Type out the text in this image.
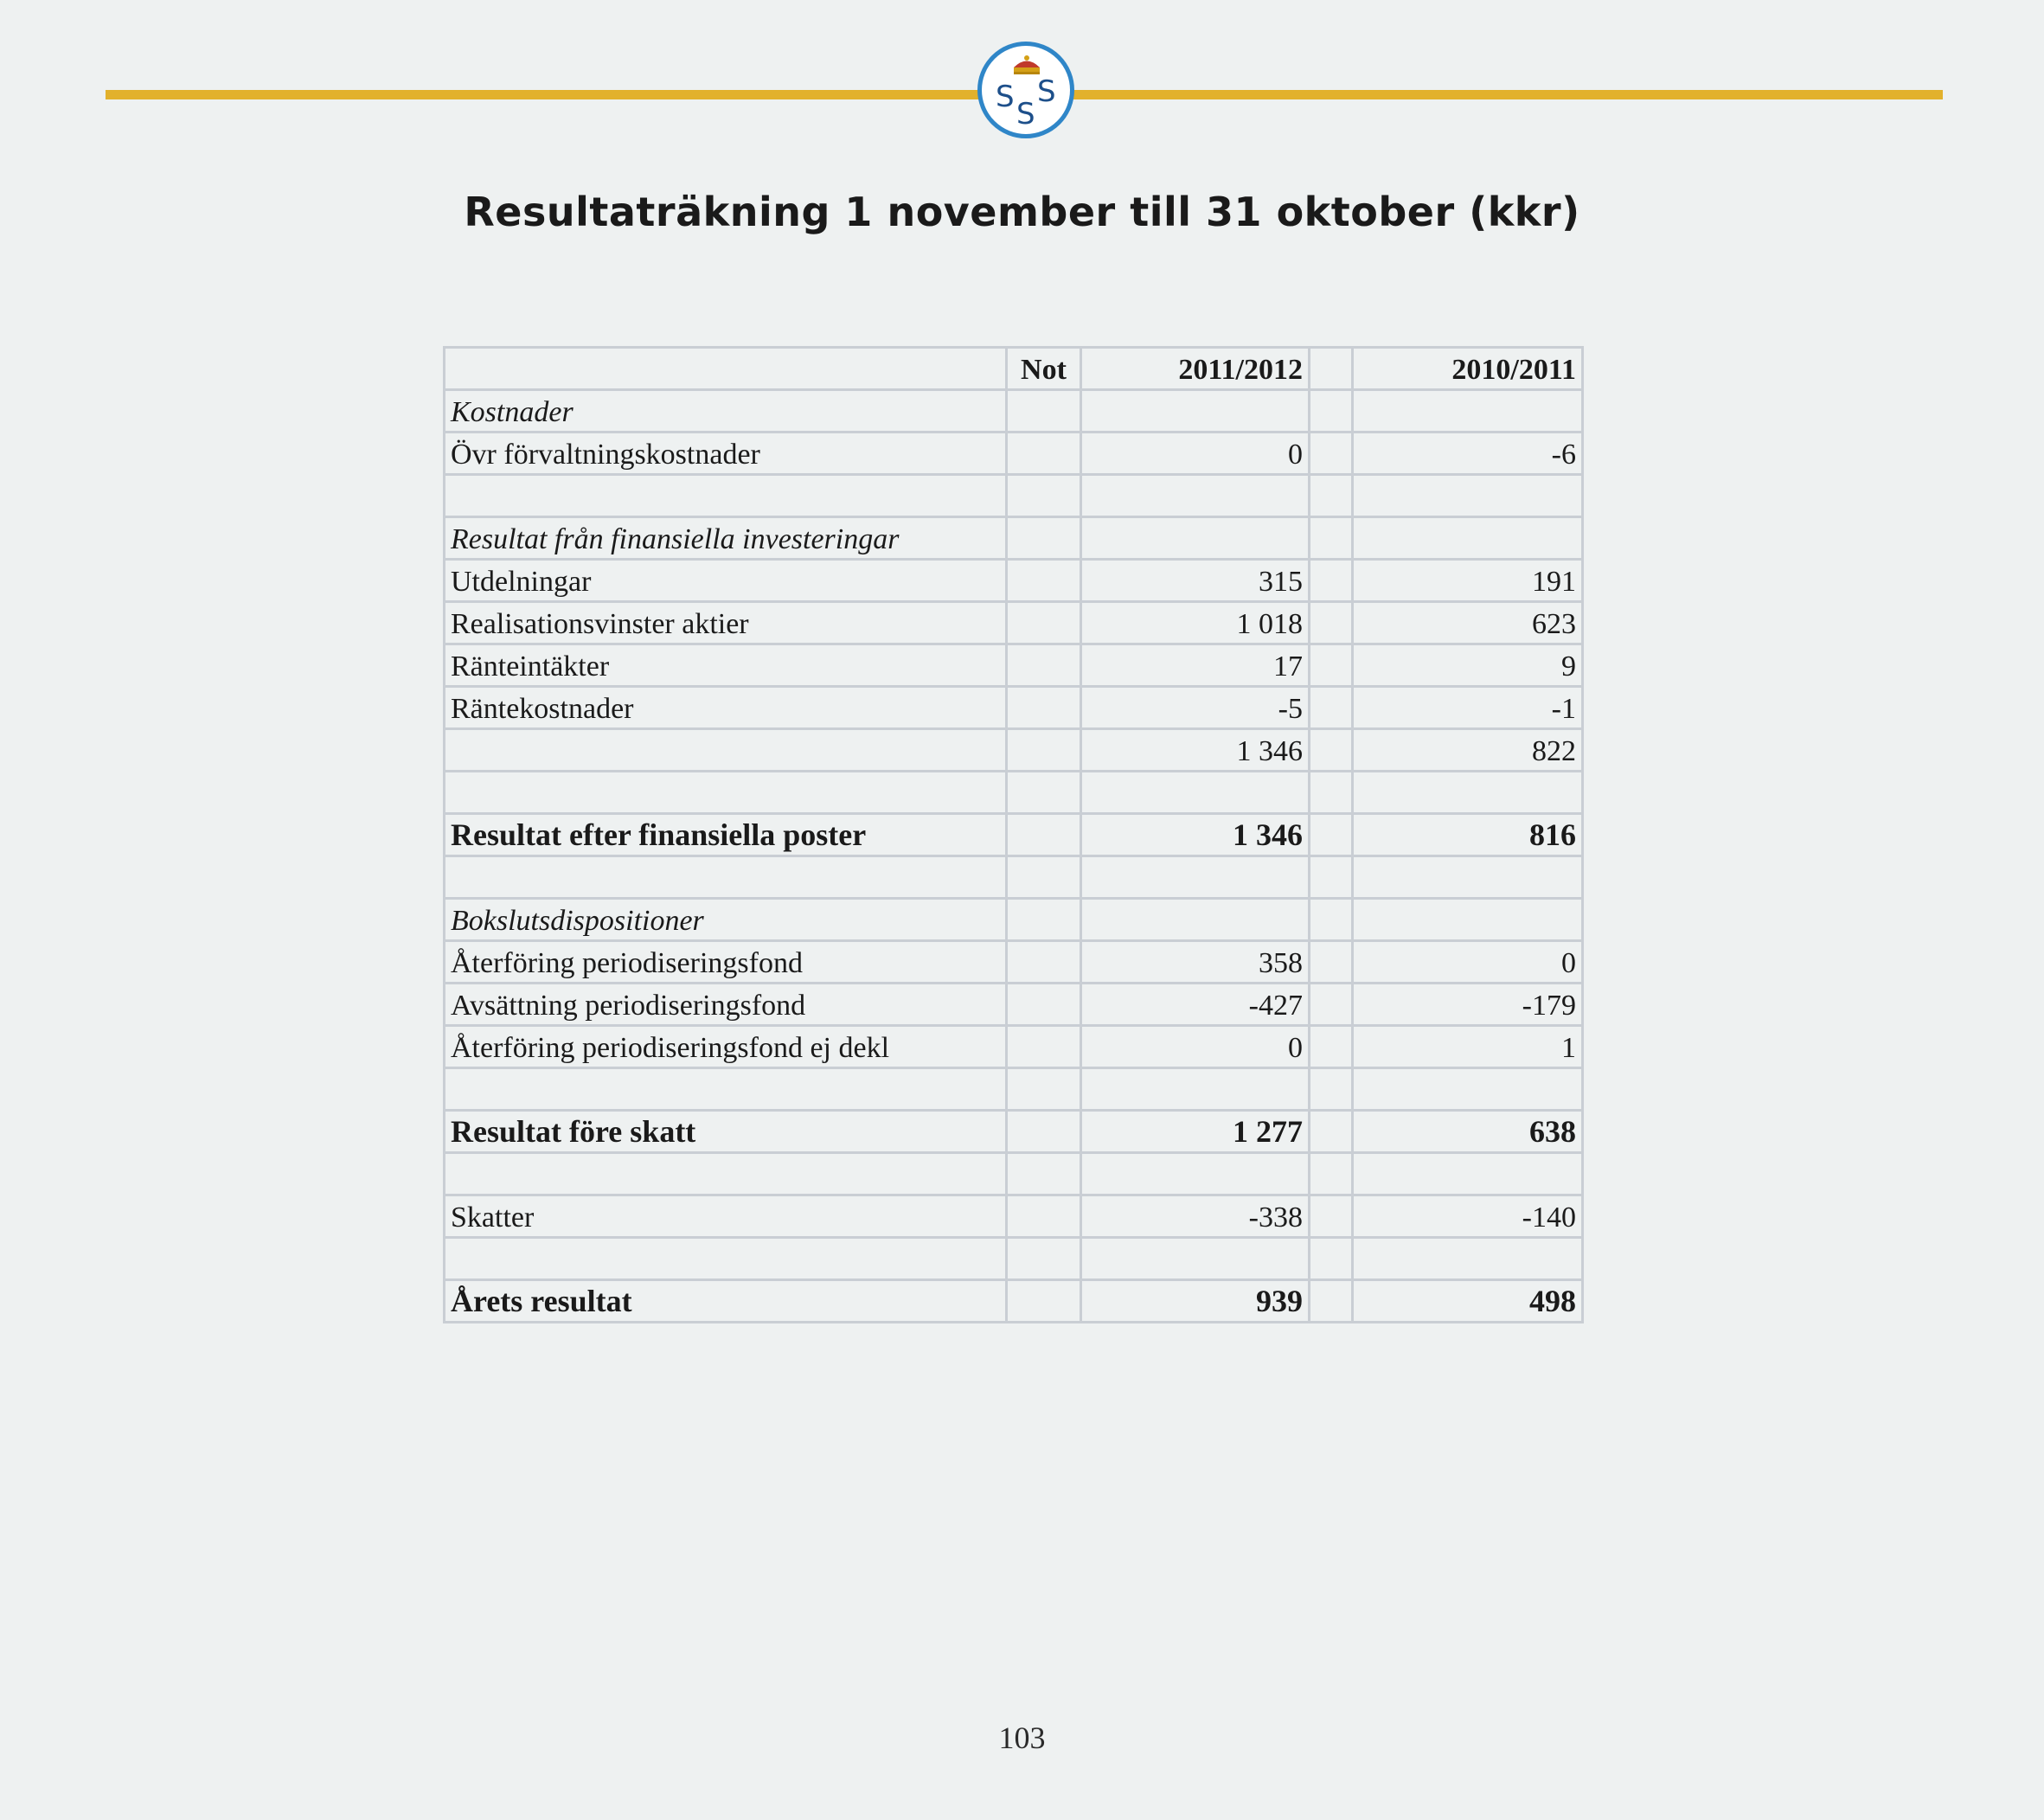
S S
S
Resultaträkning 1 november till 31 oktober (kkr)
	Not	2011/2012		2010/2011
Kostnader				
Övr förvaltningskostnader		0		-6

Resultat från finansiella investeringar				
Utdelningar		315		191
Realisationsvinster aktier		1 018		623
Ränteintäkter		17		9
Räntekostnader		-5		-1
		1 346		822

Resultat efter finansiella poster		1 346		816

Bokslutsdispositioner				
Återföring periodiseringsfond		358		0
Avsättning periodiseringsfond		-427		-179
Återföring periodiseringsfond ej dekl		0		1

Resultat före skatt		1 277		638

Skatter		-338		-140

Årets resultat		939		498
103
